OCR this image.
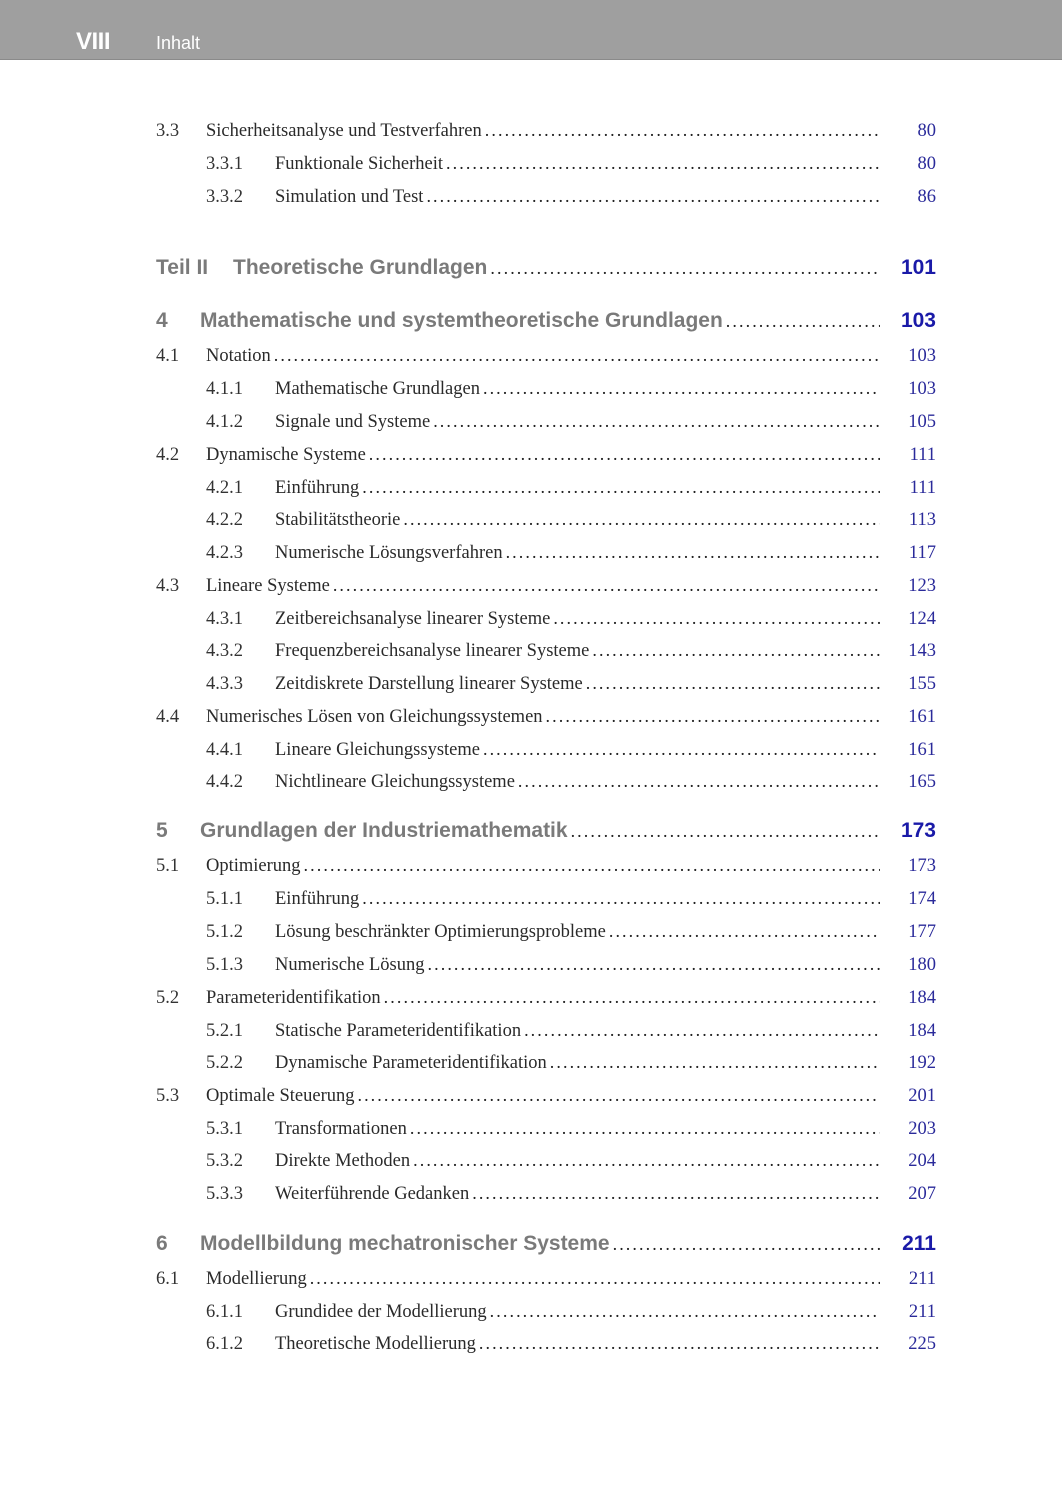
VIII	Inhalt
3.3	Sicherheitsanalyse und Testverfahren . . .	80
3.3.1	Funktionale Sicherheit . . .	80
3.3.2	Simulation und Test . . .	86
Teil II	Theoretische Grundlagen . . .	101
4	Mathematische und systemtheoretische Grundlagen . . .	103
4.1	Notation . . .	103
4.1.1	Mathematische Grundlagen . . .	103
4.1.2	Signale und Systeme . . .	105
4.2	Dynamische Systeme . . .	111
4.2.1	Einführung . . .	111
4.2.2	Stabilitätstheorie . . .	113
4.2.3	Numerische Lösungsverfahren . . .	117
4.3	Lineare Systeme . . .	123
4.3.1	Zeitbereichsanalyse linearer Systeme . . .	124
4.3.2	Frequenzbereichsanalyse linearer Systeme . . .	143
4.3.3	Zeitdiskrete Darstellung linearer Systeme . . .	155
4.4	Numerisches Lösen von Gleichungssystemen . . .	161
4.4.1	Lineare Gleichungssysteme . . .	161
4.4.2	Nichtlineare Gleichungssysteme . . .	165
5	Grundlagen der Industriemathematik . . .	173
5.1	Optimierung . . .	173
5.1.1	Einführung . . .	174
5.1.2	Lösung beschränkter Optimierungsprobleme . . .	177
5.1.3	Numerische Lösung . . .	180
5.2	Parameteridentifikation . . .	184
5.2.1	Statische Parameteridentifikation . . .	184
5.2.2	Dynamische Parameteridentifikation . . .	192
5.3	Optimale Steuerung . . .	201
5.3.1	Transformationen . . .	203
5.3.2	Direkte Methoden . . .	204
5.3.3	Weiterführende Gedanken . . .	207
6	Modellbildung mechatronischer Systeme . . .	211
6.1	Modellierung . . .	211
6.1.1	Grundidee der Modellierung . . .	211
6.1.2	Theoretische Modellierung . . .	225
